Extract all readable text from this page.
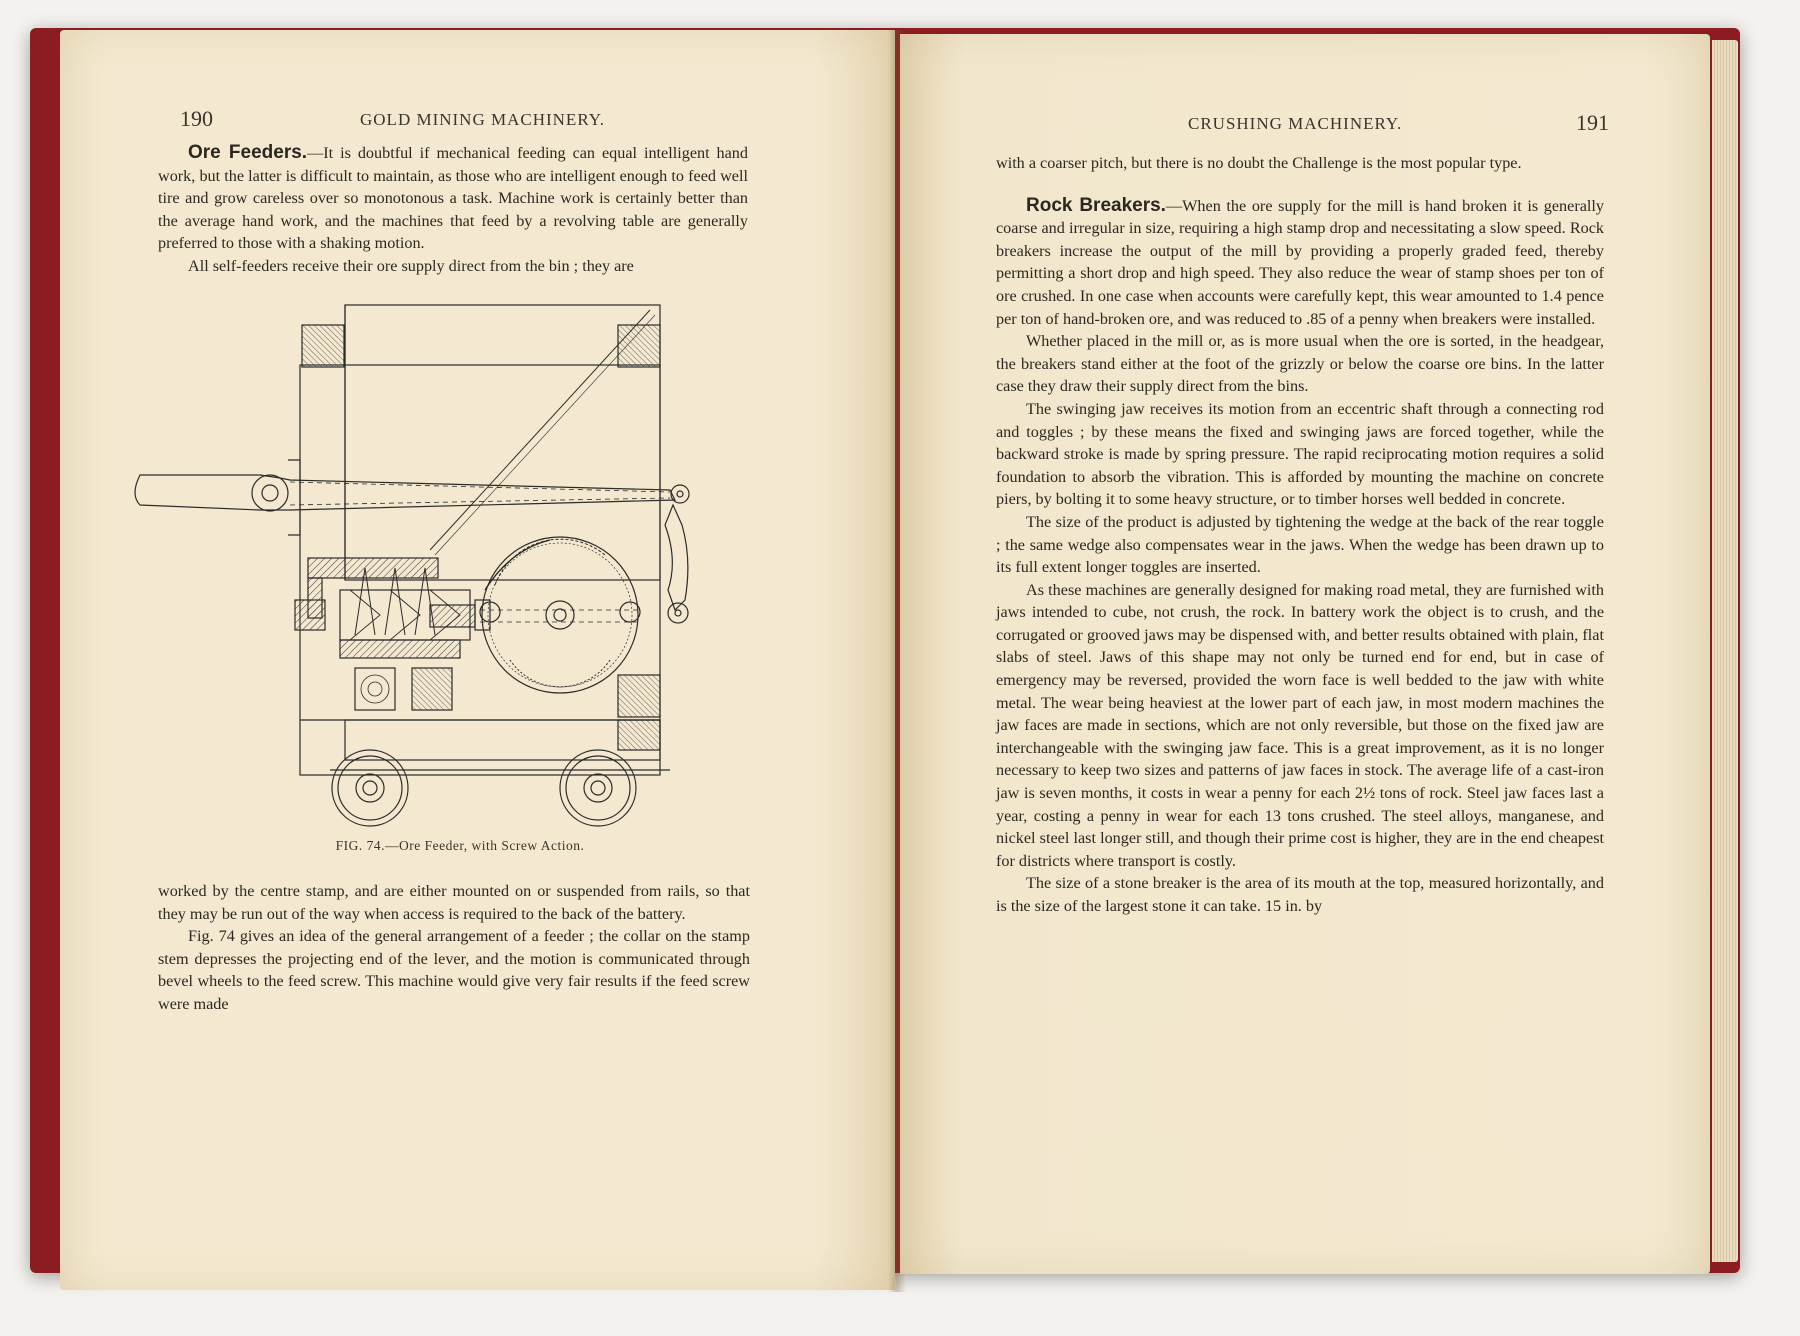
190	GOLD MINING MACHINERY.

Ore Feeders.—It is doubtful if mechanical feeding can equal intelligent hand work, but the latter is difficult to maintain, as those who are intelligent enough to feed well tire and grow careless over so monotonous a task. Machine work is certainly better than the average hand work, and the machines that feed by a revolving table are generally preferred to those with a shaking motion.

All self-feeders receive their ore supply direct from the bin ; they are

FIG. 74.—Ore Feeder, with Screw Action.

worked by the centre stamp, and are either mounted on or suspended from rails, so that they may be run out of the way when access is required to the back of the battery.

Fig. 74 gives an idea of the general arrangement of a feeder ; the collar on the stamp stem depresses the projecting end of the lever, and the motion is communicated through bevel wheels to the feed screw. This machine would give very fair results if the feed screw were made

CRUSHING MACHINERY.	191

with a coarser pitch, but there is no doubt the Challenge is the most popular type.

Rock Breakers.—When the ore supply for the mill is hand broken it is generally coarse and irregular in size, requiring a high stamp drop and necessitating a slow speed. Rock breakers increase the output of the mill by providing a properly graded feed, thereby permitting a short drop and high speed. They also reduce the wear of stamp shoes per ton of ore crushed. In one case when accounts were carefully kept, this wear amounted to 1.4 pence per ton of hand-broken ore, and was reduced to .85 of a penny when breakers were installed.

Whether placed in the mill or, as is more usual when the ore is sorted, in the headgear, the breakers stand either at the foot of the grizzly or below the coarse ore bins. In the latter case they draw their supply direct from the bins.

The swinging jaw receives its motion from an eccentric shaft through a connecting rod and toggles ; by these means the fixed and swinging jaws are forced together, while the backward stroke is made by spring pressure. The rapid reciprocating motion requires a solid foundation to absorb the vibration. This is afforded by mounting the machine on concrete piers, by bolting it to some heavy structure, or to timber horses well bedded in concrete.

The size of the product is adjusted by tightening the wedge at the back of the rear toggle ; the same wedge also compensates wear in the jaws. When the wedge has been drawn up to its full extent longer toggles are inserted.

As these machines are generally designed for making road metal, they are furnished with jaws intended to cube, not crush, the rock. In battery work the object is to crush, and the corrugated or grooved jaws may be dispensed with, and better results obtained with plain, flat slabs of steel. Jaws of this shape may not only be turned end for end, but in case of emergency may be reversed, provided the worn face is well bedded to the jaw with white metal. The wear being heaviest at the lower part of each jaw, in most modern machines the jaw faces are made in sections, which are not only reversible, but those on the fixed jaw are interchangeable with the swinging jaw face. This is a great improvement, as it is no longer necessary to keep two sizes and patterns of jaw faces in stock. The average life of a cast-iron jaw is seven months, it costs in wear a penny for each 2½ tons of rock. Steel jaw faces last a year, costing a penny in wear for each 13 tons crushed. The steel alloys, manganese, and nickel steel last longer still, and though their prime cost is higher, they are in the end cheapest for districts where transport is costly.

The size of a stone breaker is the area of its mouth at the top, measured horizontally, and is the size of the largest stone it can take. 15 in. by
